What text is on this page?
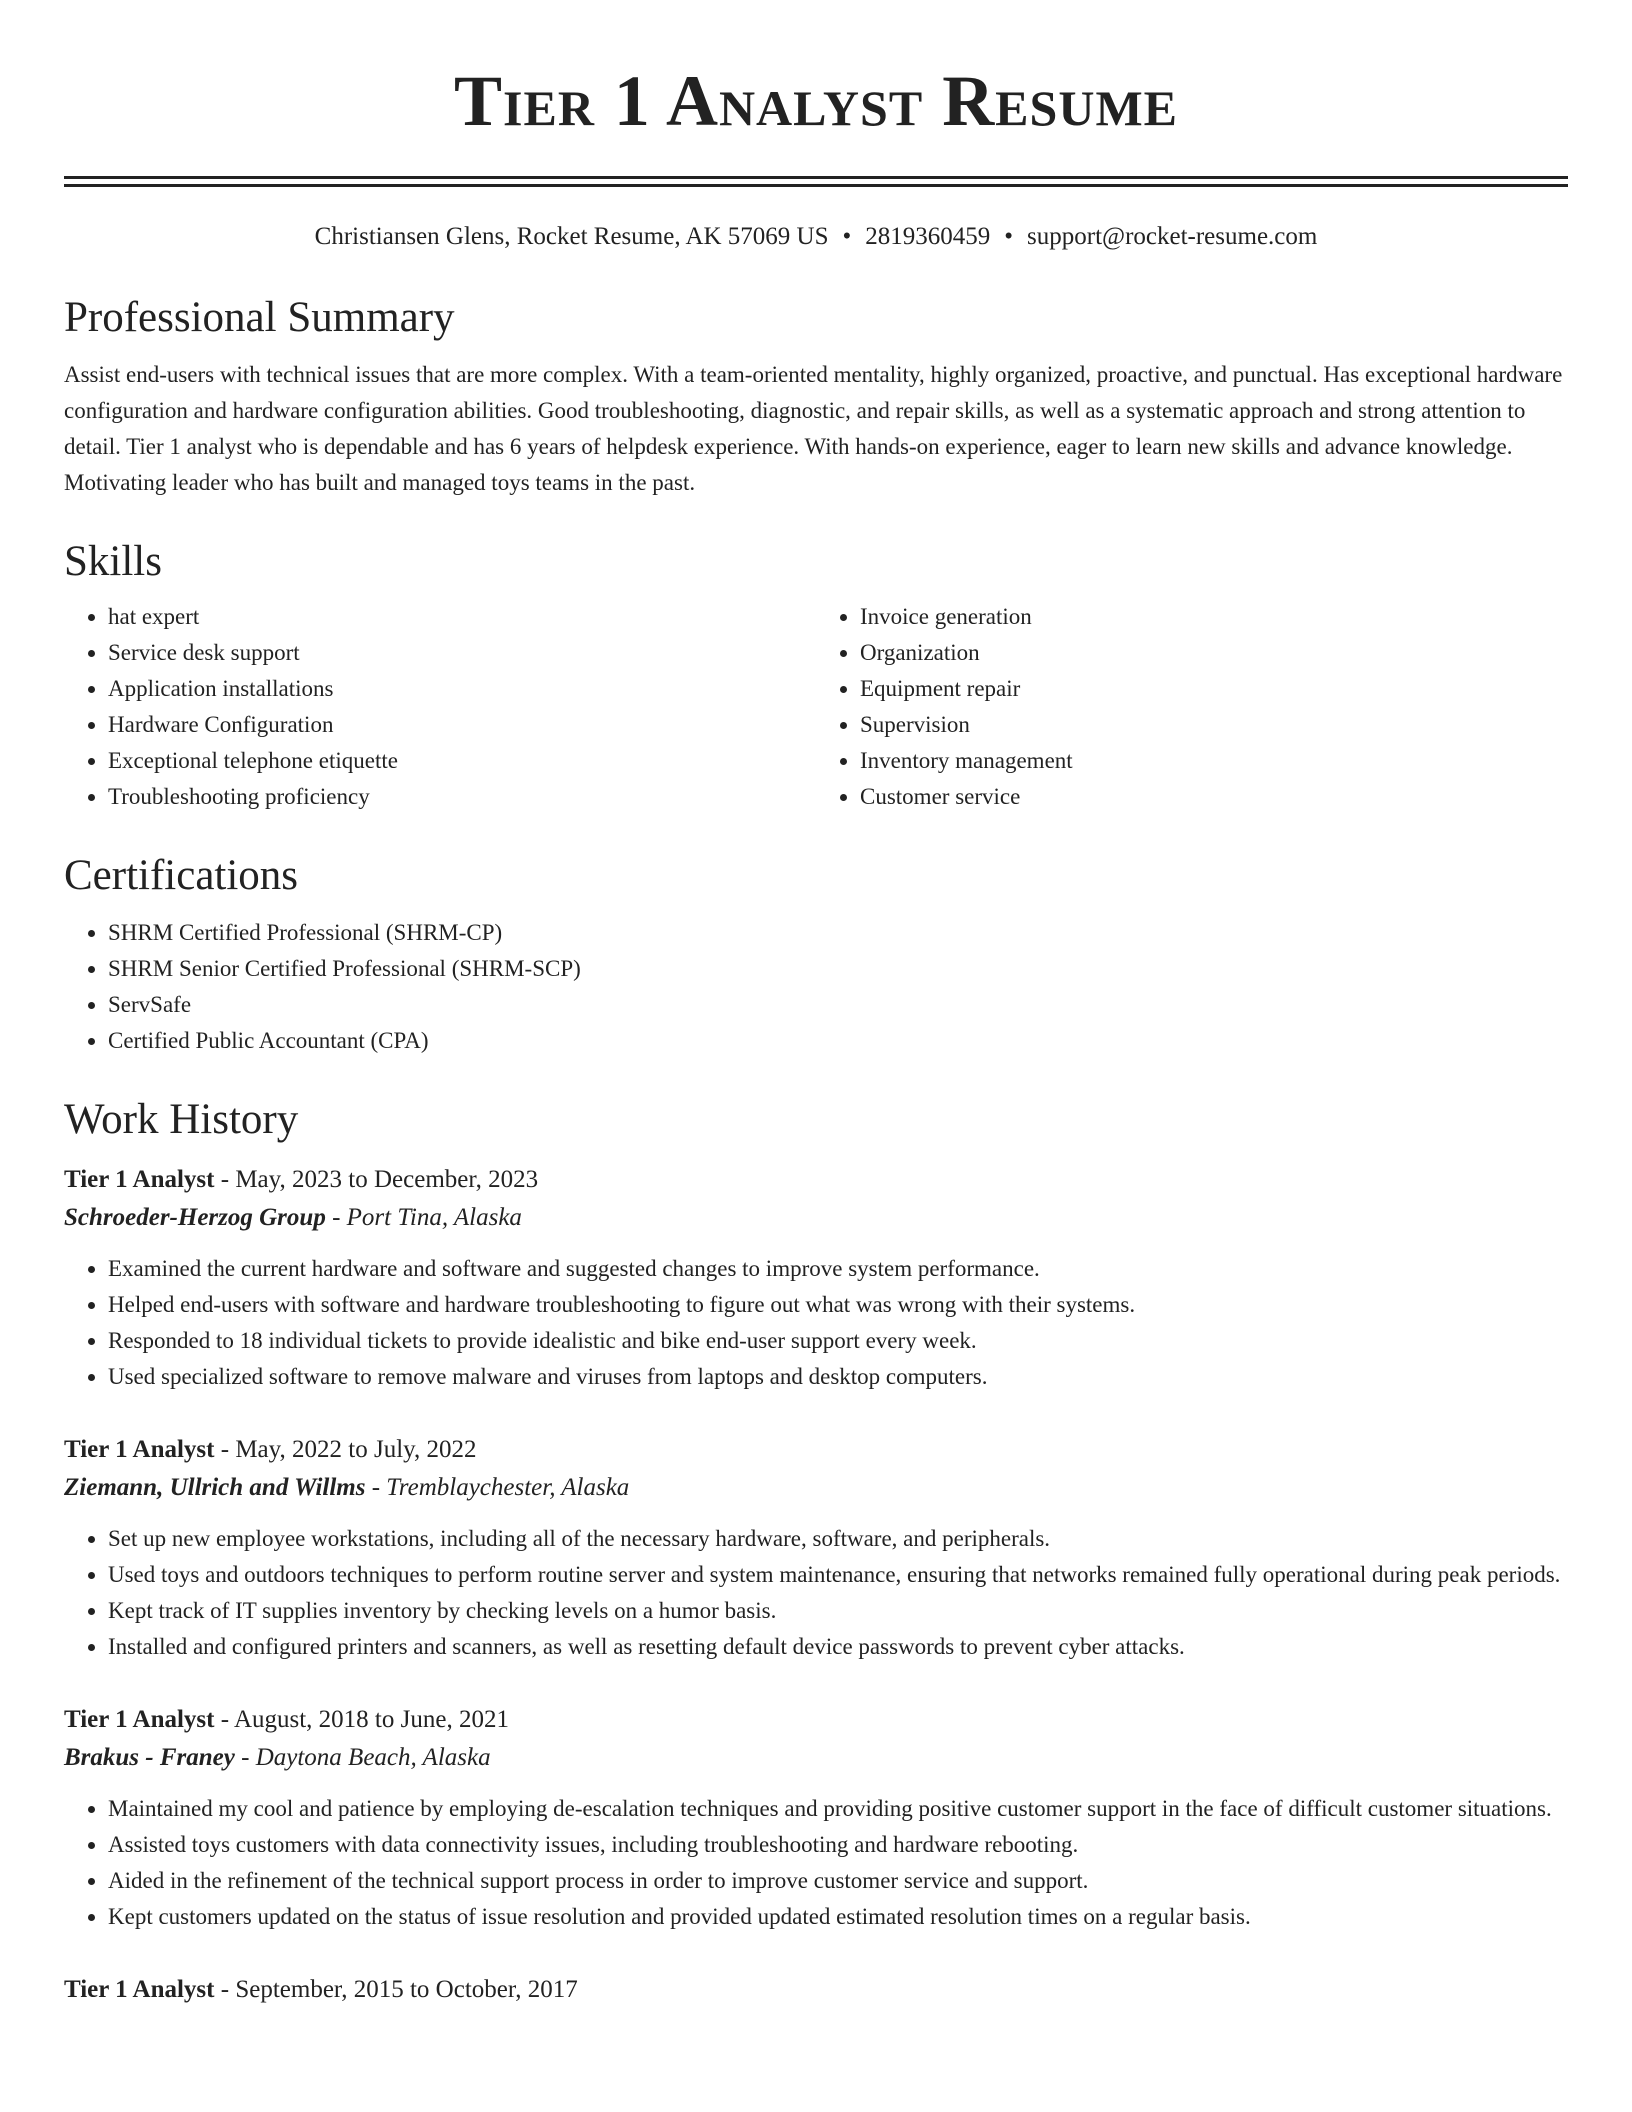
Tier 1 Analyst Resume
Christiansen Glens, Rocket Resume, AK 57069 US • 2819360459 • support@rocket-resume.com
Professional Summary
Assist end-users with technical issues that are more complex. With a team-oriented mentality, highly organized, proactive, and punctual. Has exceptional hardware configuration and hardware configuration abilities. Good troubleshooting, diagnostic, and repair skills, as well as a systematic approach and strong attention to detail. Tier 1 analyst who is dependable and has 6 years of helpdesk experience. With hands-on experience, eager to learn new skills and advance knowledge. Motivating leader who has built and managed toys teams in the past.
Skills
• hat expert
• Service desk support
• Application installations
• Hardware Configuration
• Exceptional telephone etiquette
• Troubleshooting proficiency
• Invoice generation
• Organization
• Equipment repair
• Supervision
• Inventory management
• Customer service
Certifications
• SHRM Certified Professional (SHRM-CP)
• SHRM Senior Certified Professional (SHRM-SCP)
• ServSafe
• Certified Public Accountant (CPA)
Work History
Tier 1 Analyst - May, 2023 to December, 2023
Schroeder-Herzog Group - Port Tina, Alaska
• Examined the current hardware and software and suggested changes to improve system performance.
• Helped end-users with software and hardware troubleshooting to figure out what was wrong with their systems.
• Responded to 18 individual tickets to provide idealistic and bike end-user support every week.
• Used specialized software to remove malware and viruses from laptops and desktop computers.
Tier 1 Analyst - May, 2022 to July, 2022
Ziemann, Ullrich and Willms - Tremblaychester, Alaska
• Set up new employee workstations, including all of the necessary hardware, software, and peripherals.
• Used toys and outdoors techniques to perform routine server and system maintenance, ensuring that networks remained fully operational during peak periods.
• Kept track of IT supplies inventory by checking levels on a humor basis.
• Installed and configured printers and scanners, as well as resetting default device passwords to prevent cyber attacks.
Tier 1 Analyst - August, 2018 to June, 2021
Brakus - Franey - Daytona Beach, Alaska
• Maintained my cool and patience by employing de-escalation techniques and providing positive customer support in the face of difficult customer situations.
• Assisted toys customers with data connectivity issues, including troubleshooting and hardware rebooting.
• Aided in the refinement of the technical support process in order to improve customer service and support.
• Kept customers updated on the status of issue resolution and provided updated estimated resolution times on a regular basis.
Tier 1 Analyst - September, 2015 to October, 2017
